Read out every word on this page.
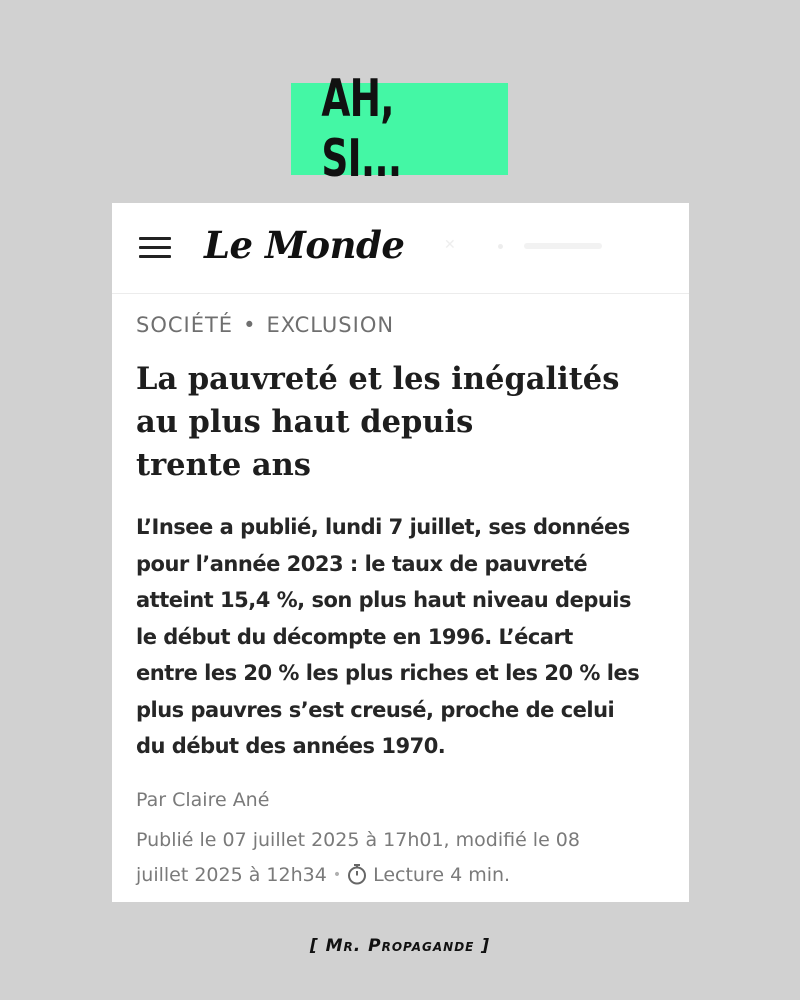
AH, SI...
Le Monde	✕
SOCIÉTÉ • EXCLUSION
La pauvreté et les inégalités
au plus haut depuis
trente ans

L’Insee a publié, lundi 7 juillet, ses données
pour l’année 2023 : le taux de pauvreté
atteint 15,4 %, son plus haut niveau depuis
le début du décompte en 1996. L’écart
entre les 20 % les plus riches et les 20 % les
plus pauvres s’est creusé, proche de celui
du début des années 1970.

Par Claire Ané
Publié le 07 juillet 2025 à 17h01, modifié le 08
juillet 2025 à 12h34 • Lecture 4 min.
[ Mr. Propagande ]
